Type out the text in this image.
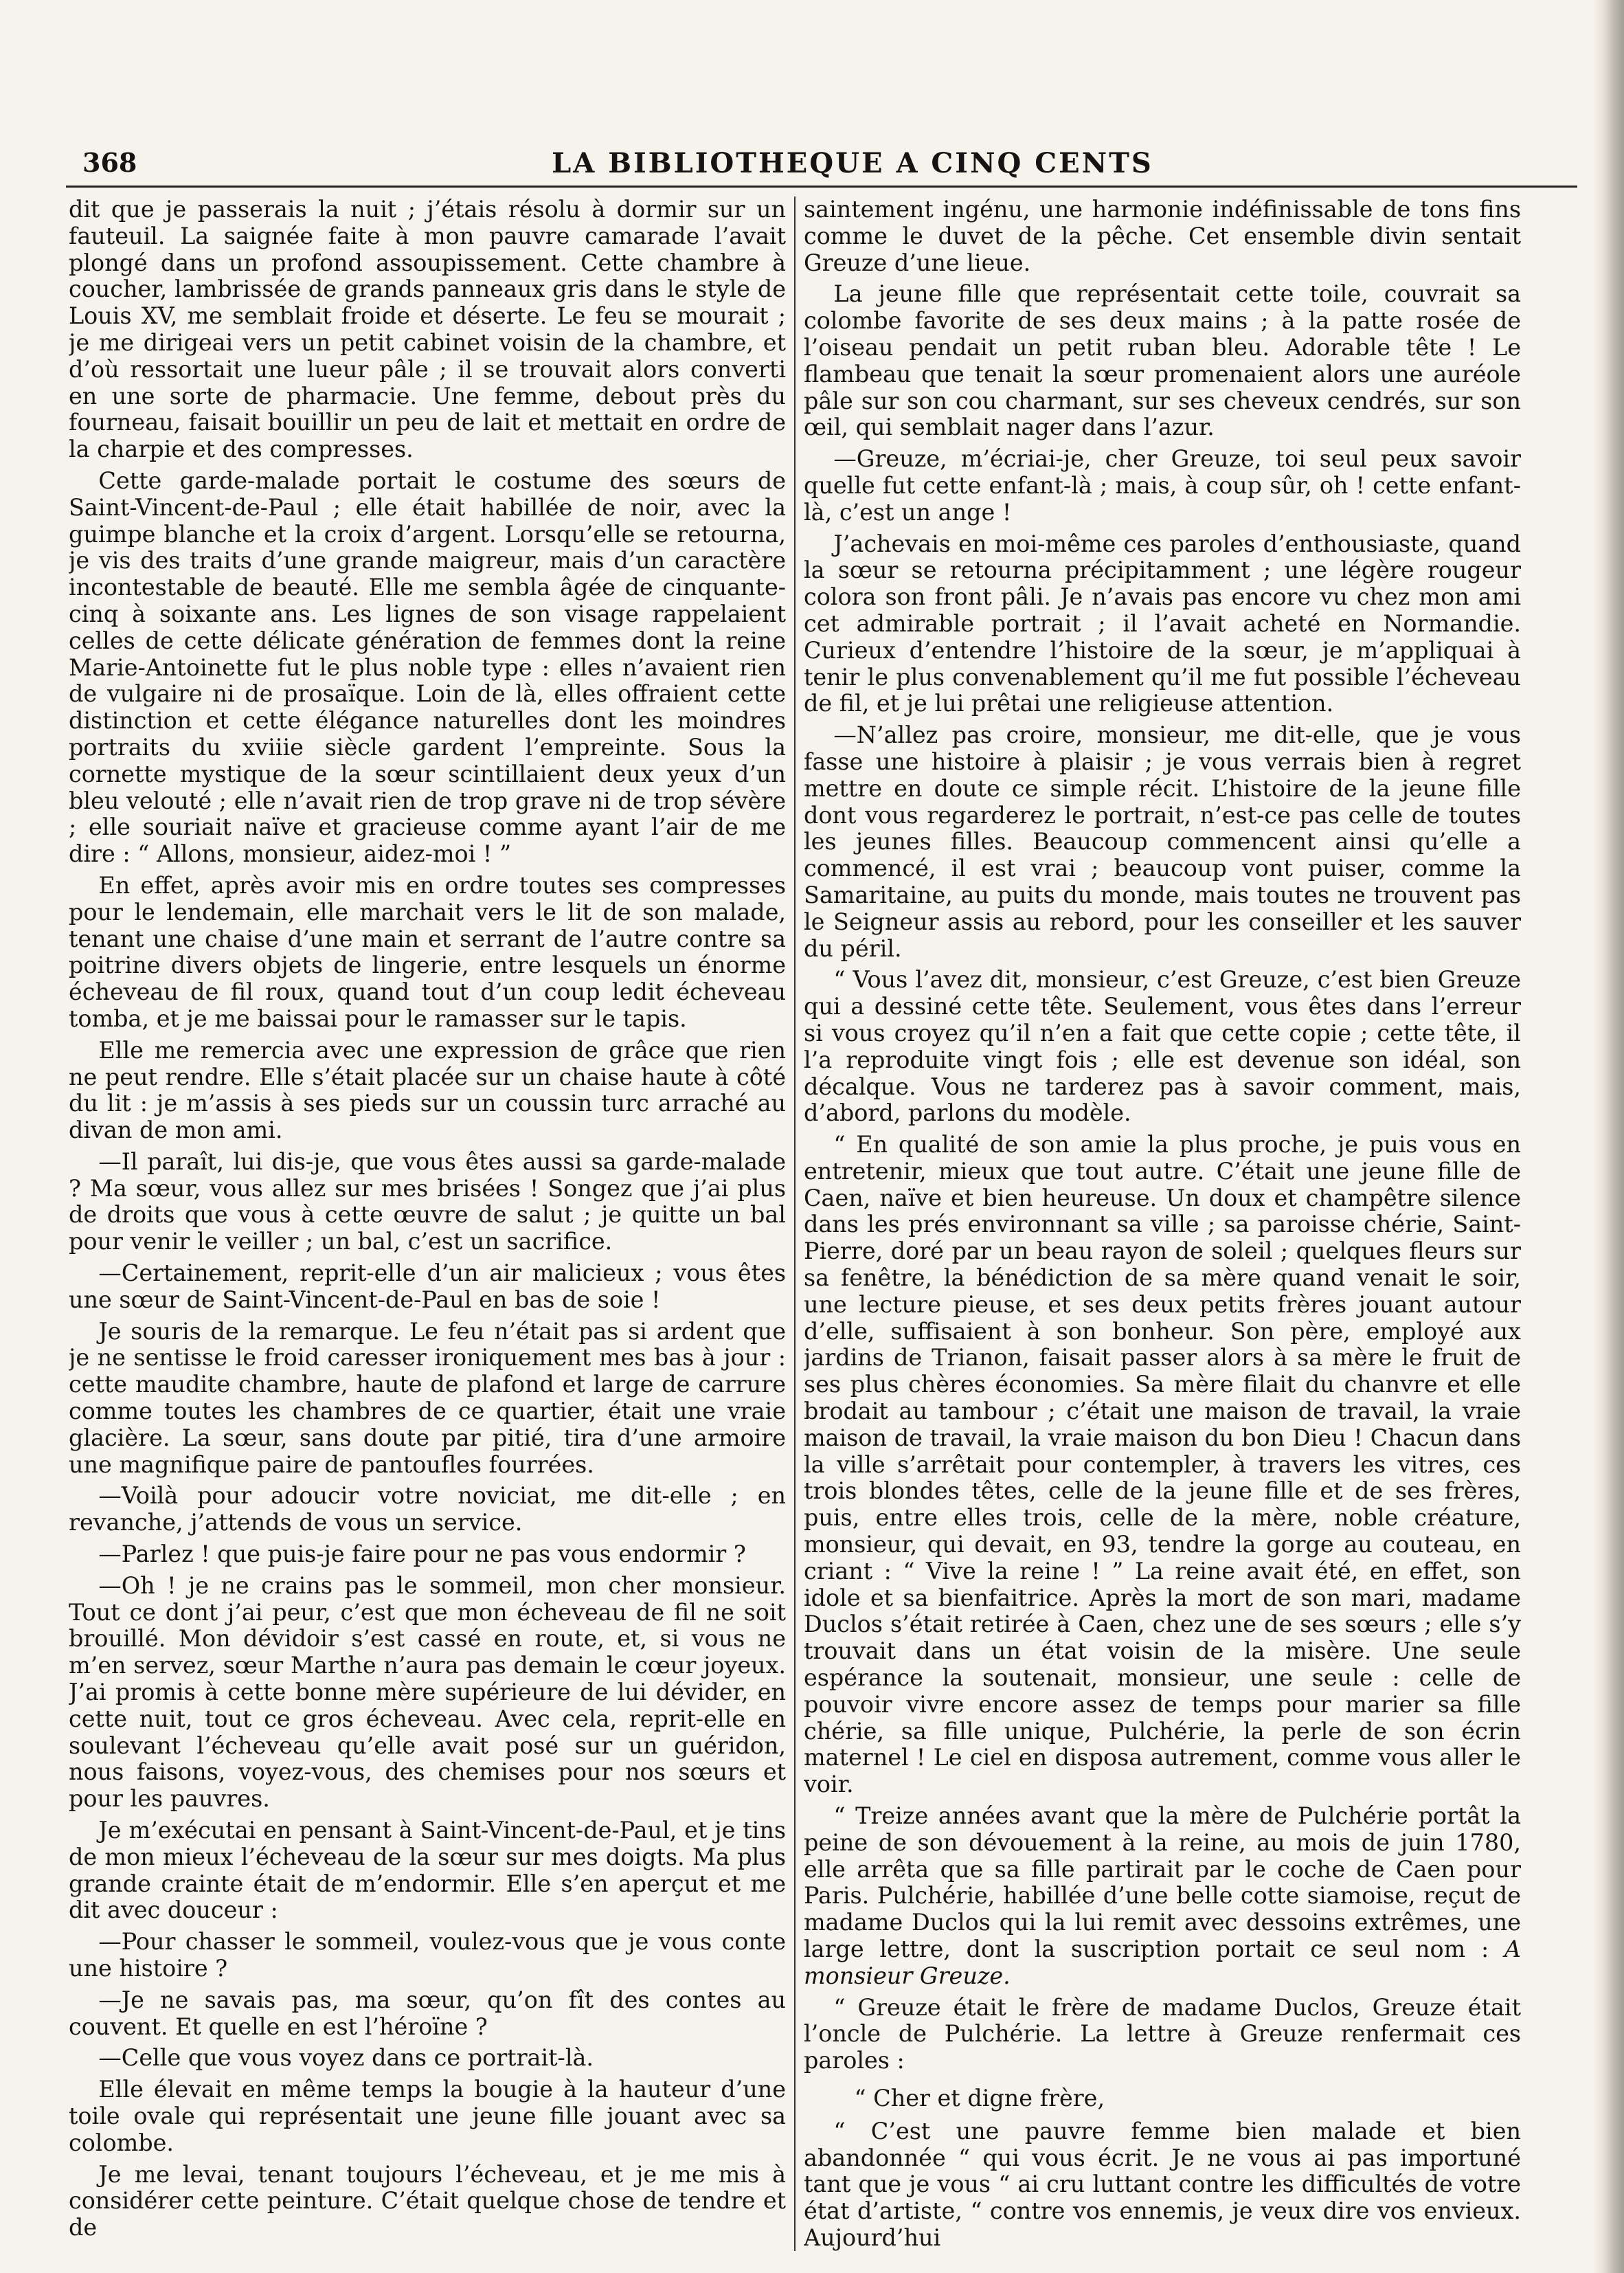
368	LA BIBLIOTHEQUE A CINQ CENTS

dit que je passerais la nuit ; j’étais résolu à dormir sur un fauteuil. La saignée faite à mon pauvre camarade l’avait plongé dans un profond assoupissement. Cette chambre à coucher, lambrissée de grands panneaux gris dans le style de Louis XV, me semblait froide et déserte. Le feu se mourait ; je me dirigeai vers un petit cabinet voisin de la chambre, et d’où ressortait une lueur pâle ; il se trouvait alors converti en une sorte de pharmacie. Une femme, debout près du fourneau, faisait bouillir un peu de lait et mettait en ordre de la charpie et des compresses.

Cette garde-malade portait le costume des sœurs de Saint-Vincent-de-Paul ; elle était habillée de noir, avec la guimpe blanche et la croix d’argent. Lorsqu’elle se retourna, je vis des traits d’une grande maigreur, mais d’un caractère incontestable de beauté. Elle me sembla âgée de cinquante-cinq à soixante ans. Les lignes de son visage rappelaient celles de cette délicate génération de femmes dont la reine Marie-Antoinette fut le plus noble type : elles n’avaient rien de vulgaire ni de prosaïque. Loin de là, elles offraient cette distinction et cette élégance naturelles dont les moindres portraits du xviiie siècle gardent l’empreinte. Sous la cornette mystique de la sœur scintillaient deux yeux d’un bleu velouté ; elle n’avait rien de trop grave ni de trop sévère ; elle souriait naïve et gracieuse comme ayant l’air de me dire : “ Allons, monsieur, aidez-moi ! ”

En effet, après avoir mis en ordre toutes ses compresses pour le lendemain, elle marchait vers le lit de son malade, tenant une chaise d’une main et serrant de l’autre contre sa poitrine divers objets de lingerie, entre lesquels un énorme écheveau de fil roux, quand tout d’un coup ledit écheveau tomba, et je me baissai pour le ramasser sur le tapis.

Elle me remercia avec une expression de grâce que rien ne peut rendre. Elle s’était placée sur un chaise haute à côté du lit : je m’assis à ses pieds sur un coussin turc arraché au divan de mon ami.

—Il paraît, lui dis-je, que vous êtes aussi sa garde-malade ? Ma sœur, vous allez sur mes brisées ! Songez que j’ai plus de droits que vous à cette œuvre de salut ; je quitte un bal pour venir le veiller ; un bal, c’est un sacrifice.

—Certainement, reprit-elle d’un air malicieux ; vous êtes une sœur de Saint-Vincent-de-Paul en bas de soie !

Je souris de la remarque. Le feu n’était pas si ardent que je ne sentisse le froid caresser ironiquement mes bas à jour : cette maudite chambre, haute de plafond et large de carrure comme toutes les chambres de ce quartier, était une vraie glacière. La sœur, sans doute par pitié, tira d’une armoire une magnifique paire de pantoufles fourrées.

—Voilà pour adoucir votre noviciat, me dit-elle ; en revanche, j’attends de vous un service.

—Parlez ! que puis-je faire pour ne pas vous endormir ?

—Oh ! je ne crains pas le sommeil, mon cher monsieur. Tout ce dont j’ai peur, c’est que mon écheveau de fil ne soit brouillé. Mon dévidoir s’est cassé en route, et, si vous ne m’en servez, sœur Marthe n’aura pas demain le cœur joyeux. J’ai promis à cette bonne mère supérieure de lui dévider, en cette nuit, tout ce gros écheveau. Avec cela, reprit-elle en soulevant l’écheveau qu’elle avait posé sur un guéridon, nous faisons, voyez-vous, des chemises pour nos sœurs et pour les pauvres.

Je m’exécutai en pensant à Saint-Vincent-de-Paul, et je tins de mon mieux l’écheveau de la sœur sur mes doigts. Ma plus grande crainte était de m’endormir. Elle s’en aperçut et me dit avec douceur :

—Pour chasser le sommeil, voulez-vous que je vous conte une histoire ?

—Je ne savais pas, ma sœur, qu’on fît des contes au couvent. Et quelle en est l’héroïne ?

—Celle que vous voyez dans ce portrait-là.

Elle élevait en même temps la bougie à la hauteur d’une toile ovale qui représentait une jeune fille jouant avec sa colombe.

Je me levai, tenant toujours l’écheveau, et je me mis à considérer cette peinture. C’était quelque chose de tendre et de

saintement ingénu, une harmonie indéfinissable de tons fins comme le duvet de la pêche. Cet ensemble divin sentait Greuze d’une lieue.

La jeune fille que représentait cette toile, couvrait sa colombe favorite de ses deux mains ; à la patte rosée de l’oiseau pendait un petit ruban bleu. Adorable tête ! Le flambeau que tenait la sœur promenaient alors une auréole pâle sur son cou charmant, sur ses cheveux cendrés, sur son œil, qui semblait nager dans l’azur.

—Greuze, m’écriai-je, cher Greuze, toi seul peux savoir quelle fut cette enfant-là ; mais, à coup sûr, oh ! cette enfant-là, c’est un ange !

J’achevais en moi-même ces paroles d’enthousiaste, quand la sœur se retourna précipitamment ; une légère rougeur colora son front pâli. Je n’avais pas encore vu chez mon ami cet admirable portrait ; il l’avait acheté en Normandie. Curieux d’entendre l’histoire de la sœur, je m’appliquai à tenir le plus convenablement qu’il me fut possible l’écheveau de fil, et je lui prêtai une religieuse attention.

—N’allez pas croire, monsieur, me dit-elle, que je vous fasse une histoire à plaisir ; je vous verrais bien à regret mettre en doute ce simple récit. L’histoire de la jeune fille dont vous regarderez le portrait, n’est-ce pas celle de toutes les jeunes filles. Beaucoup commencent ainsi qu’elle a commencé, il est vrai ; beaucoup vont puiser, comme la Samaritaine, au puits du monde, mais toutes ne trouvent pas le Seigneur assis au rebord, pour les conseiller et les sauver du péril.

“ Vous l’avez dit, monsieur, c’est Greuze, c’est bien Greuze qui a dessiné cette tête. Seulement, vous êtes dans l’erreur si vous croyez qu’il n’en a fait que cette copie ; cette tête, il l’a reproduite vingt fois ; elle est devenue son idéal, son décalque. Vous ne tarderez pas à savoir comment, mais, d’abord, parlons du modèle.

“ En qualité de son amie la plus proche, je puis vous en entretenir, mieux que tout autre. C’était une jeune fille de Caen, naïve et bien heureuse. Un doux et champêtre silence dans les prés environnant sa ville ; sa paroisse chérie, Saint-Pierre, doré par un beau rayon de soleil ; quelques fleurs sur sa fenêtre, la bénédiction de sa mère quand venait le soir, une lecture pieuse, et ses deux petits frères jouant autour d’elle, suffisaient à son bonheur. Son père, employé aux jardins de Trianon, faisait passer alors à sa mère le fruit de ses plus chères économies. Sa mère filait du chanvre et elle brodait au tambour ; c’était une maison de travail, la vraie maison de travail, la vraie maison du bon Dieu ! Chacun dans la ville s’arrêtait pour contempler, à travers les vitres, ces trois blondes têtes, celle de la jeune fille et de ses frères, puis, entre elles trois, celle de la mère, noble créature, monsieur, qui devait, en 93, tendre la gorge au couteau, en criant : “ Vive la reine ! ” La reine avait été, en effet, son idole et sa bienfaitrice. Après la mort de son mari, madame Duclos s’était retirée à Caen, chez une de ses sœurs ; elle s’y trouvait dans un état voisin de la misère. Une seule espérance la soutenait, monsieur, une seule : celle de pouvoir vivre encore assez de temps pour marier sa fille chérie, sa fille unique, Pulchérie, la perle de son écrin maternel ! Le ciel en disposa autrement, comme vous aller le voir.

“ Treize années avant que la mère de Pulchérie portât la peine de son dévouement à la reine, au mois de juin 1780, elle arrêta que sa fille partirait par le coche de Caen pour Paris. Pulchérie, habillée d’une belle cotte siamoise, reçut de madame Duclos qui la lui remit avec dessoins extrêmes, une large lettre, dont la suscription portait ce seul nom : A monsieur Greuze.

“ Greuze était le frère de madame Duclos, Greuze était l’oncle de Pulchérie. La lettre à Greuze renfermait ces paroles :

“ Cher et digne frère,

“ C’est une pauvre femme bien malade et bien abandonnée “ qui vous écrit. Je ne vous ai pas importuné tant que je vous “ ai cru luttant contre les difficultés de votre état d’artiste, “ contre vos ennemis, je veux dire vos envieux. Aujourd’hui
